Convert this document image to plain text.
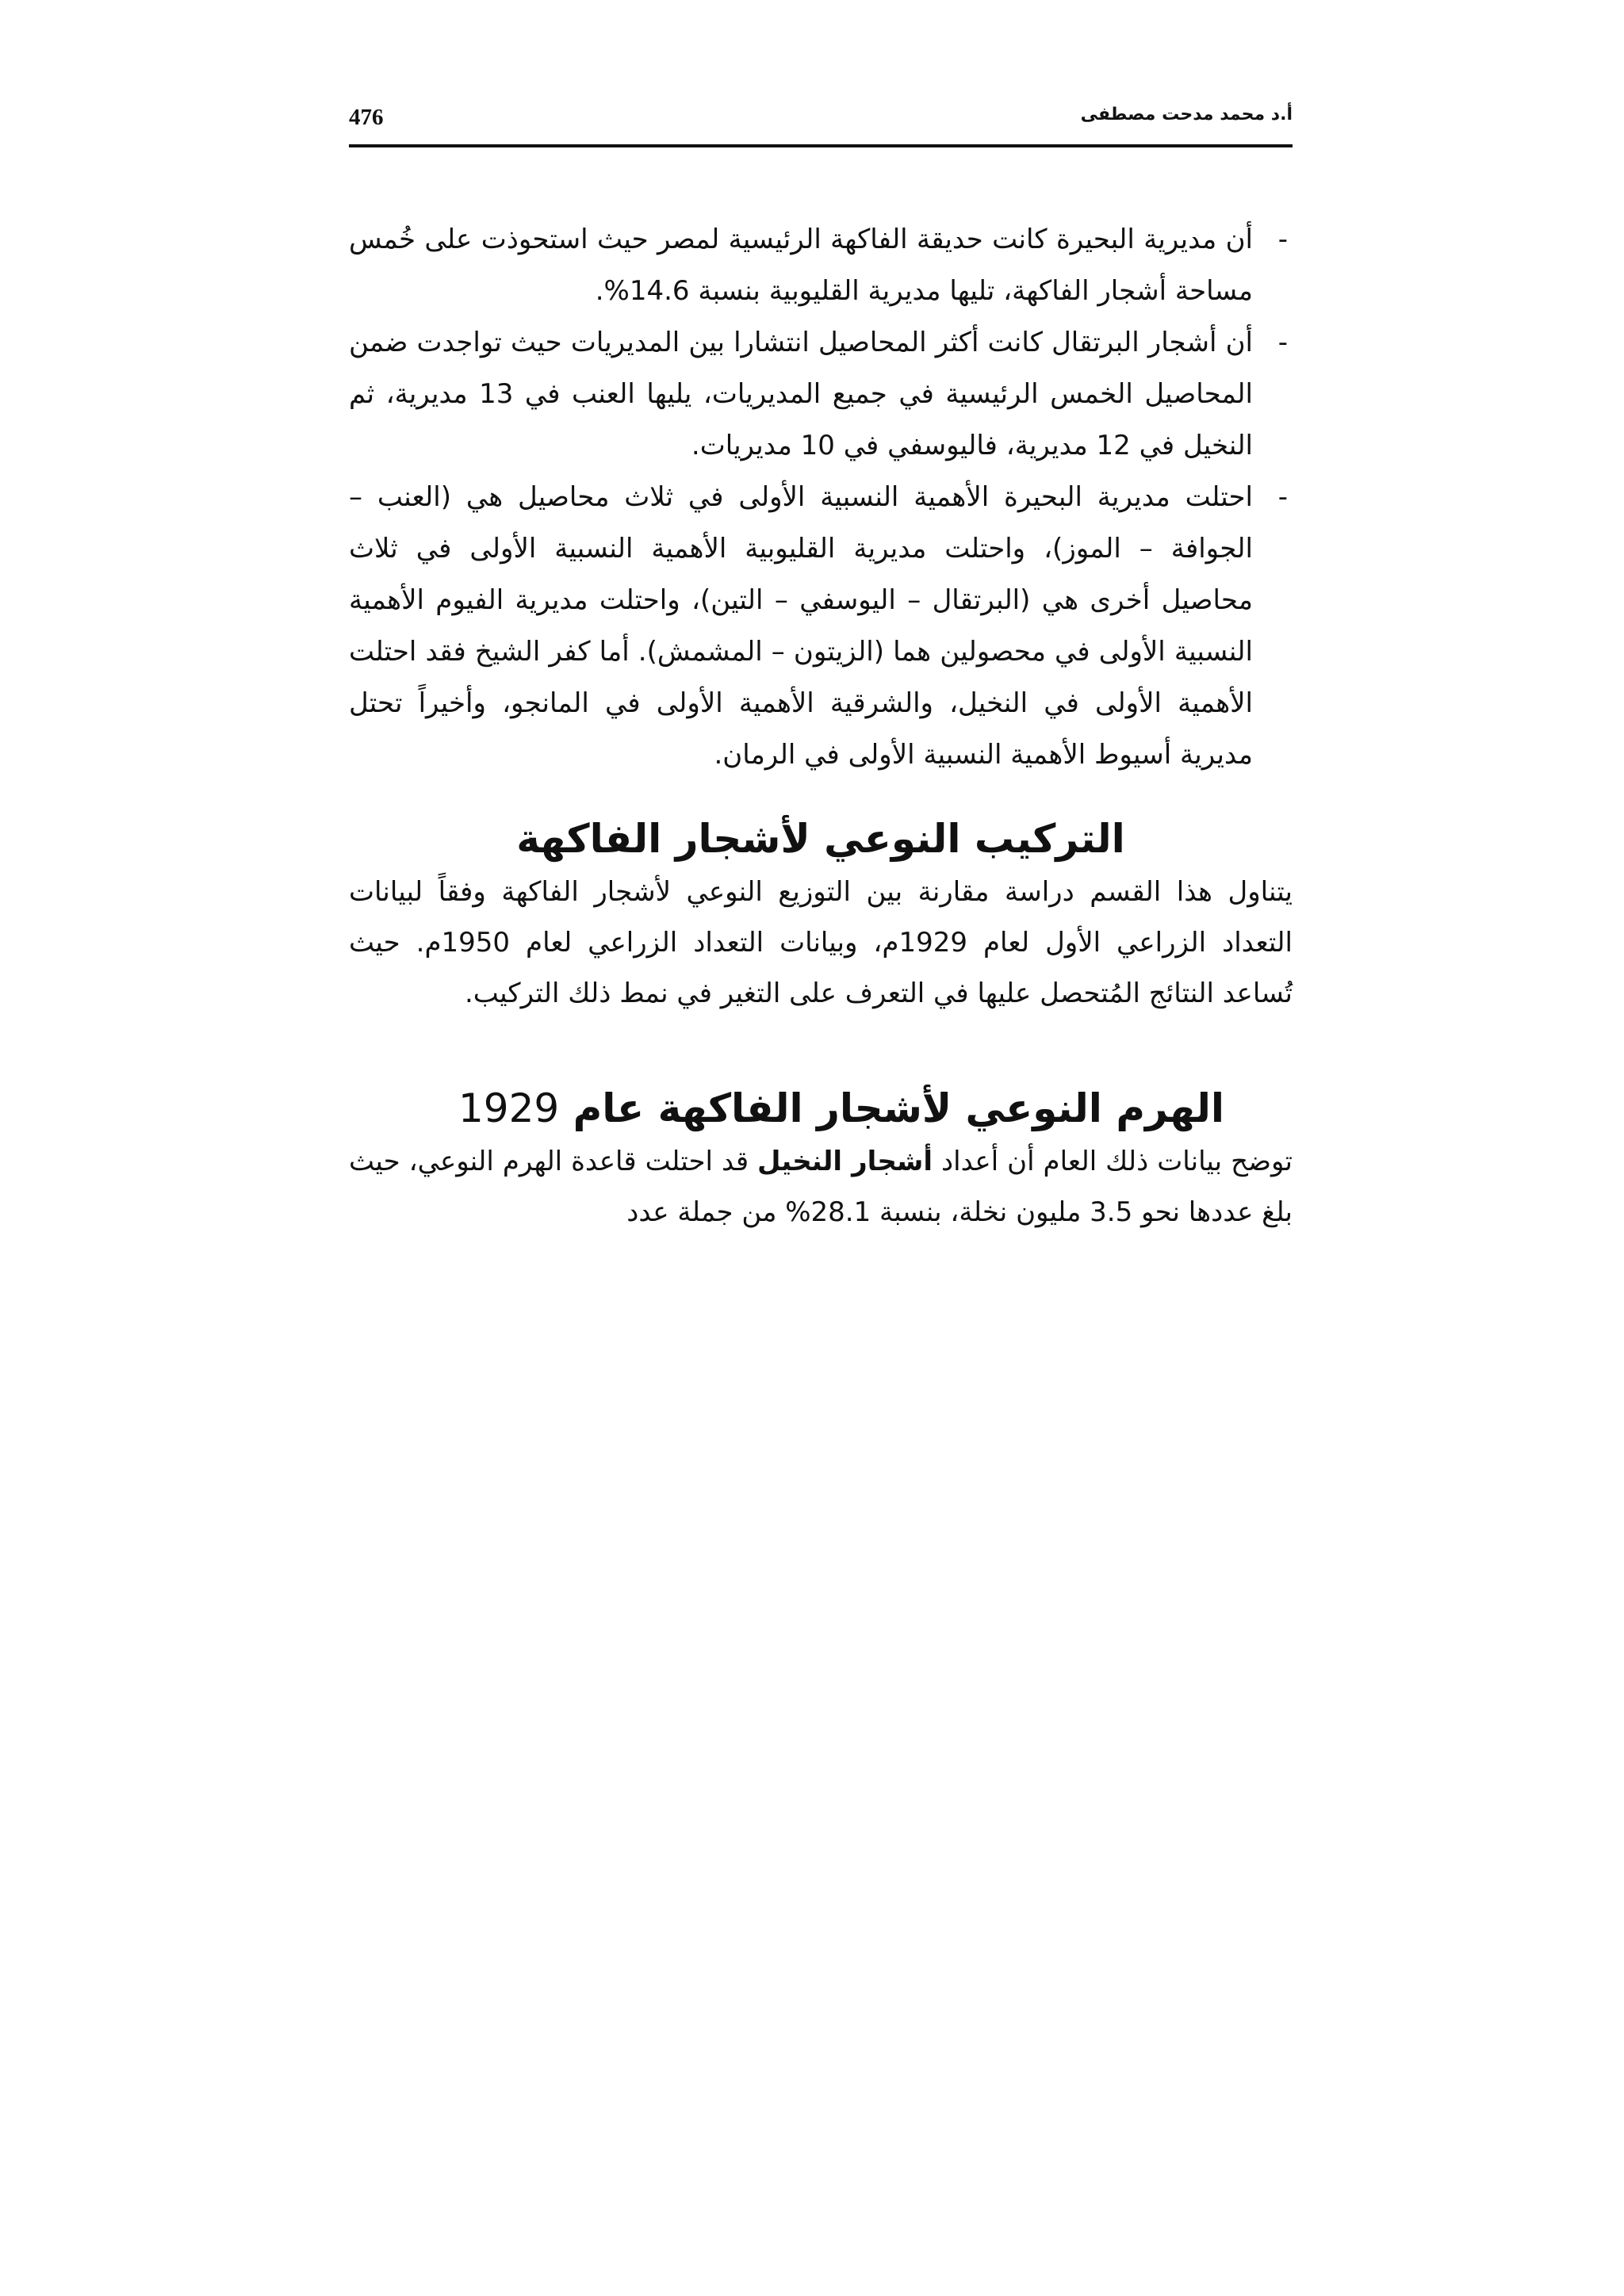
476	أ.د محمد مدحت مصطفى
-
أن مديرية البحيرة كانت حديقة الفاكهة الرئيسية لمصر حيث استحوذت على خُمس مساحة أشجار الفاكهة، تليها مديرية القليوبية بنسبة 14.6%.
-
أن أشجار البرتقال كانت أكثر المحاصيل انتشارا بين المديريات حيث تواجدت ضمن المحاصيل الخمس الرئيسية في جميع المديريات، يليها العنب في 13 مديرية، ثم النخيل في 12 مديرية، فاليوسفي في 10 مديريات.
-
احتلت مديرية البحيرة الأهمية النسبية الأولى في ثلاث محاصيل هي (العنب – الجوافة – الموز)، واحتلت مديرية القليوبية الأهمية النسبية الأولى في ثلاث محاصيل أخرى هي (البرتقال – اليوسفي – التين)، واحتلت مديرية الفيوم الأهمية النسبية الأولى في محصولين هما (الزيتون – المشمش). أما كفر الشيخ فقد احتلت الأهمية الأولى في النخيل، والشرقية الأهمية الأولى في المانجو، وأخيراً تحتل مديرية أسيوط الأهمية النسبية الأولى في الرمان.
التركيب النوعي لأشجار الفاكهة

يتناول هذا القسم دراسة مقارنة بين التوزيع النوعي لأشجار الفاكهة وفقاً لبيانات التعداد الزراعي الأول لعام 1929م، وبيانات التعداد الزراعي لعام 1950م. حيث تُساعد النتائج المُتحصل عليها في التعرف على التغير في نمط ذلك التركيب.

الهرم النوعي لأشجار الفاكهة عام 1929

توضح بيانات ذلك العام أن أعداد أشجار النخيل قد احتلت قاعدة الهرم النوعي، حيث بلغ عددها نحو 3.5 مليون نخلة، بنسبة 28.1% من جملة عدد
